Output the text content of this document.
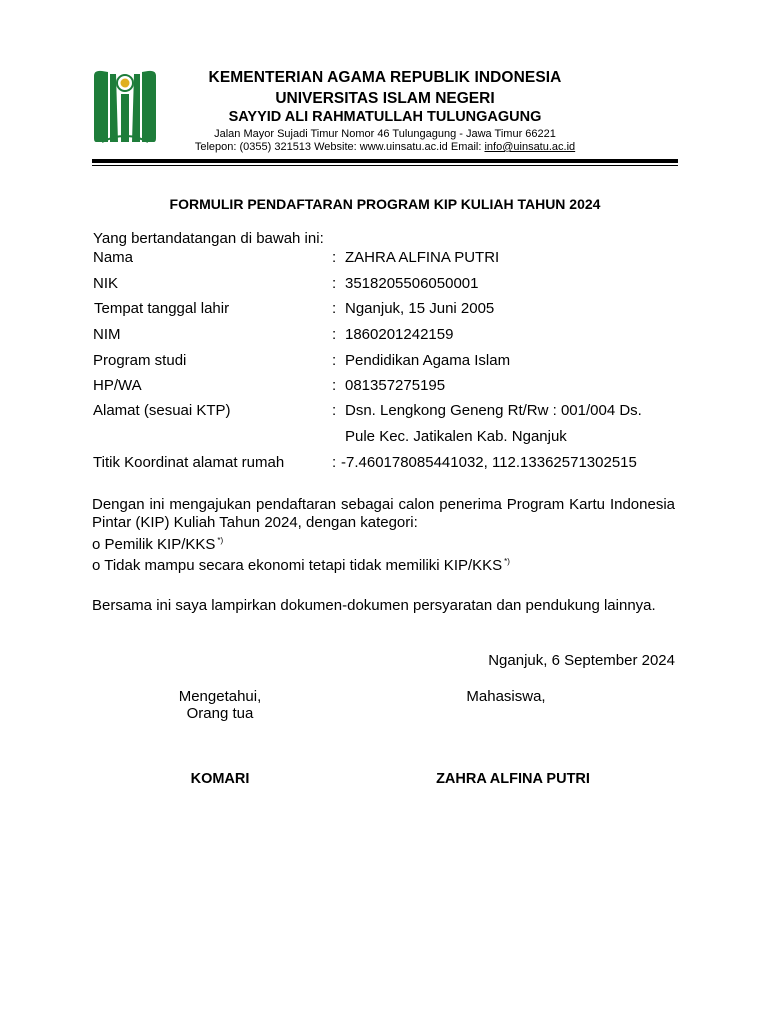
KEMENTERIAN AGAMA REPUBLIK INDONESIA
UNIVERSITAS ISLAM NEGERI
SAYYID ALI RAHMATULLAH TULUNGAGUNG
Jalan Mayor Sujadi Timur Nomor 46 Tulungagung - Jawa Timur 66221
Telepon: (0355) 321513 Website: www.uinsatu.ac.id Email: info@uinsatu.ac.id
FORMULIR PENDAFTARAN PROGRAM KIP KULIAH TAHUN 2024
Yang bertandatangan di bawah ini:
Nama	: ZAHRA ALFINA PUTRI
NIK	: 3518205506050001
Tempat tanggal lahir	: Nganjuk, 15 Juni 2005
NIM	: 1860201242159
Program studi	: Pendidikan Agama Islam
HP/WA	: 081357275195
Alamat (sesuai KTP)	: Dsn. Lengkong Geneng Rt/Rw : 001/004 Ds.
Pule Kec. Jatikalen Kab. Nganjuk
Titik Koordinat alamat rumah	: -7.460178085441032, 112.13362571302515
Dengan ini mengajukan pendaftaran sebagai calon penerima Program Kartu Indonesia Pintar (KIP) Kuliah Tahun 2024, dengan kategori:
o Pemilik KIP/KKS *)
o Tidak mampu secara ekonomi tetapi tidak memiliki KIP/KKS *)
Bersama ini saya lampirkan dokumen-dokumen persyaratan dan pendukung lainnya.
Nganjuk, 6 September 2024
Mengetahui,
Orang tua
Mahasiswa,
KOMARI	ZAHRA ALFINA PUTRI
